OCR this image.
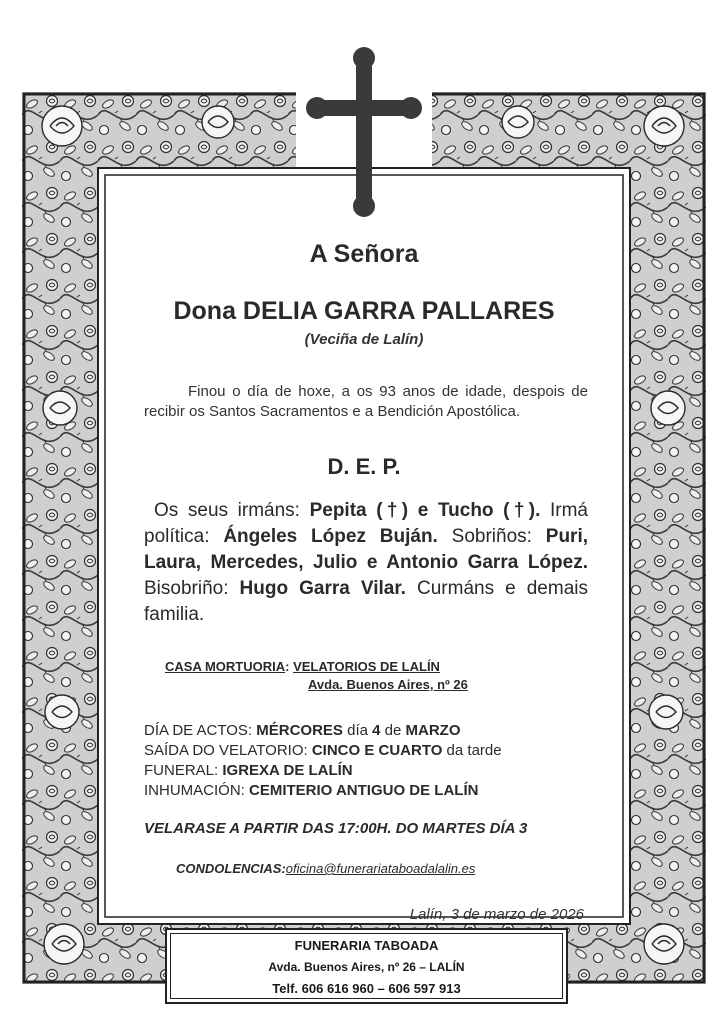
A Señora
Dona DELIA GARRA PALLARES
(Veciña de Lalín)
Finou o día de hoxe, a os 93 anos de idade, despois de recibir os Santos Sacramentos e a Bendición Apostólica.
D. E. P.
Os seus irmáns: Pepita (†) e Tucho (†). Irmá política: Ángeles López Buján. Sobriños: Puri, Laura, Mercedes, Julio e Antonio Garra López. Bisobriño: Hugo Garra Vilar. Curmáns e demais familia.
CASA MORTUORIA: VELATORIOS DE LALÍN
Avda. Buenos Aires, nº 26
DÍA DE ACTOS: MÉRCORES día 4 de MARZO
SAÍDA DO VELATORIO: CINCO E CUARTO da tarde
FUNERAL: IGREXA DE LALÍN
INHUMACIÓN: CEMITERIO ANTIGUO DE LALÍN
VELARASE A PARTIR DAS 17:00H. DO MARTES DÍA 3
CONDOLENCIAS:oficina@funerariataboadalalin.es
Lalín, 3 de marzo de 2026
FUNERARIA TABOADA
Avda. Buenos Aires, nº 26 – LALÍN
Telf. 606 616 960 – 606 597 913
